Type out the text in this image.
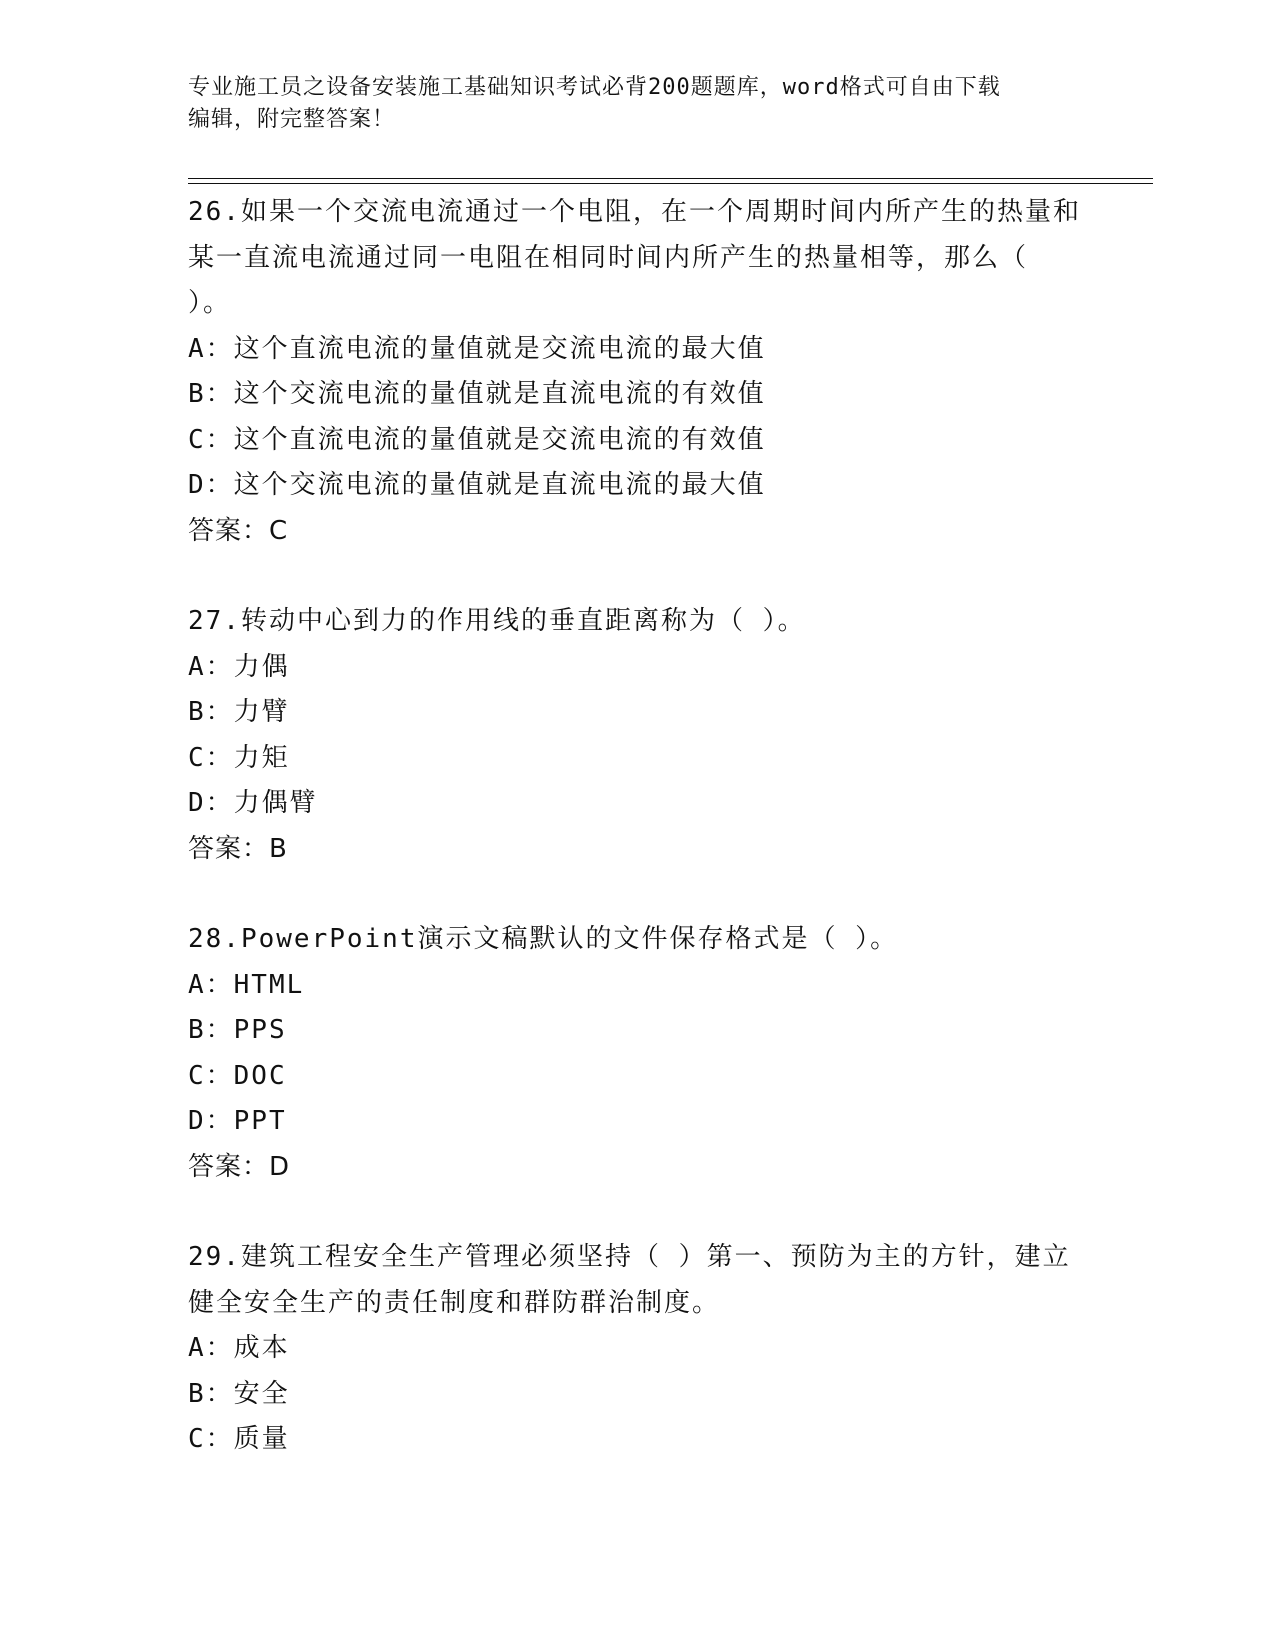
专业施工员之设备安装施工基础知识考试必背200题题库，word格式可自由下载
编辑，附完整答案！
26.如果一个交流电流通过一个电阻，在一个周期时间内所产生的热量和某一直流电流通过同一电阻在相同时间内所产生的热量相等，那么（ ）。
A：这个直流电流的量值就是交流电流的最大值
B：这个交流电流的量值就是直流电流的有效值
C：这个直流电流的量值就是交流电流的有效值
D：这个交流电流的量值就是直流电流的最大值
答案：C
27.转动中心到力的作用线的垂直距离称为（ ）。
A：力偶
B：力臂
C：力矩
D：力偶臂
答案：B
28.PowerPoint演示文稿默认的文件保存格式是（ ）。
A：HTML
B：PPS
C：DOC
D：PPT
答案：D
29.建筑工程安全生产管理必须坚持（ ）第一、预防为主的方针，建立健全安全生产的责任制度和群防群治制度。
A：成本
B：安全
C：质量
